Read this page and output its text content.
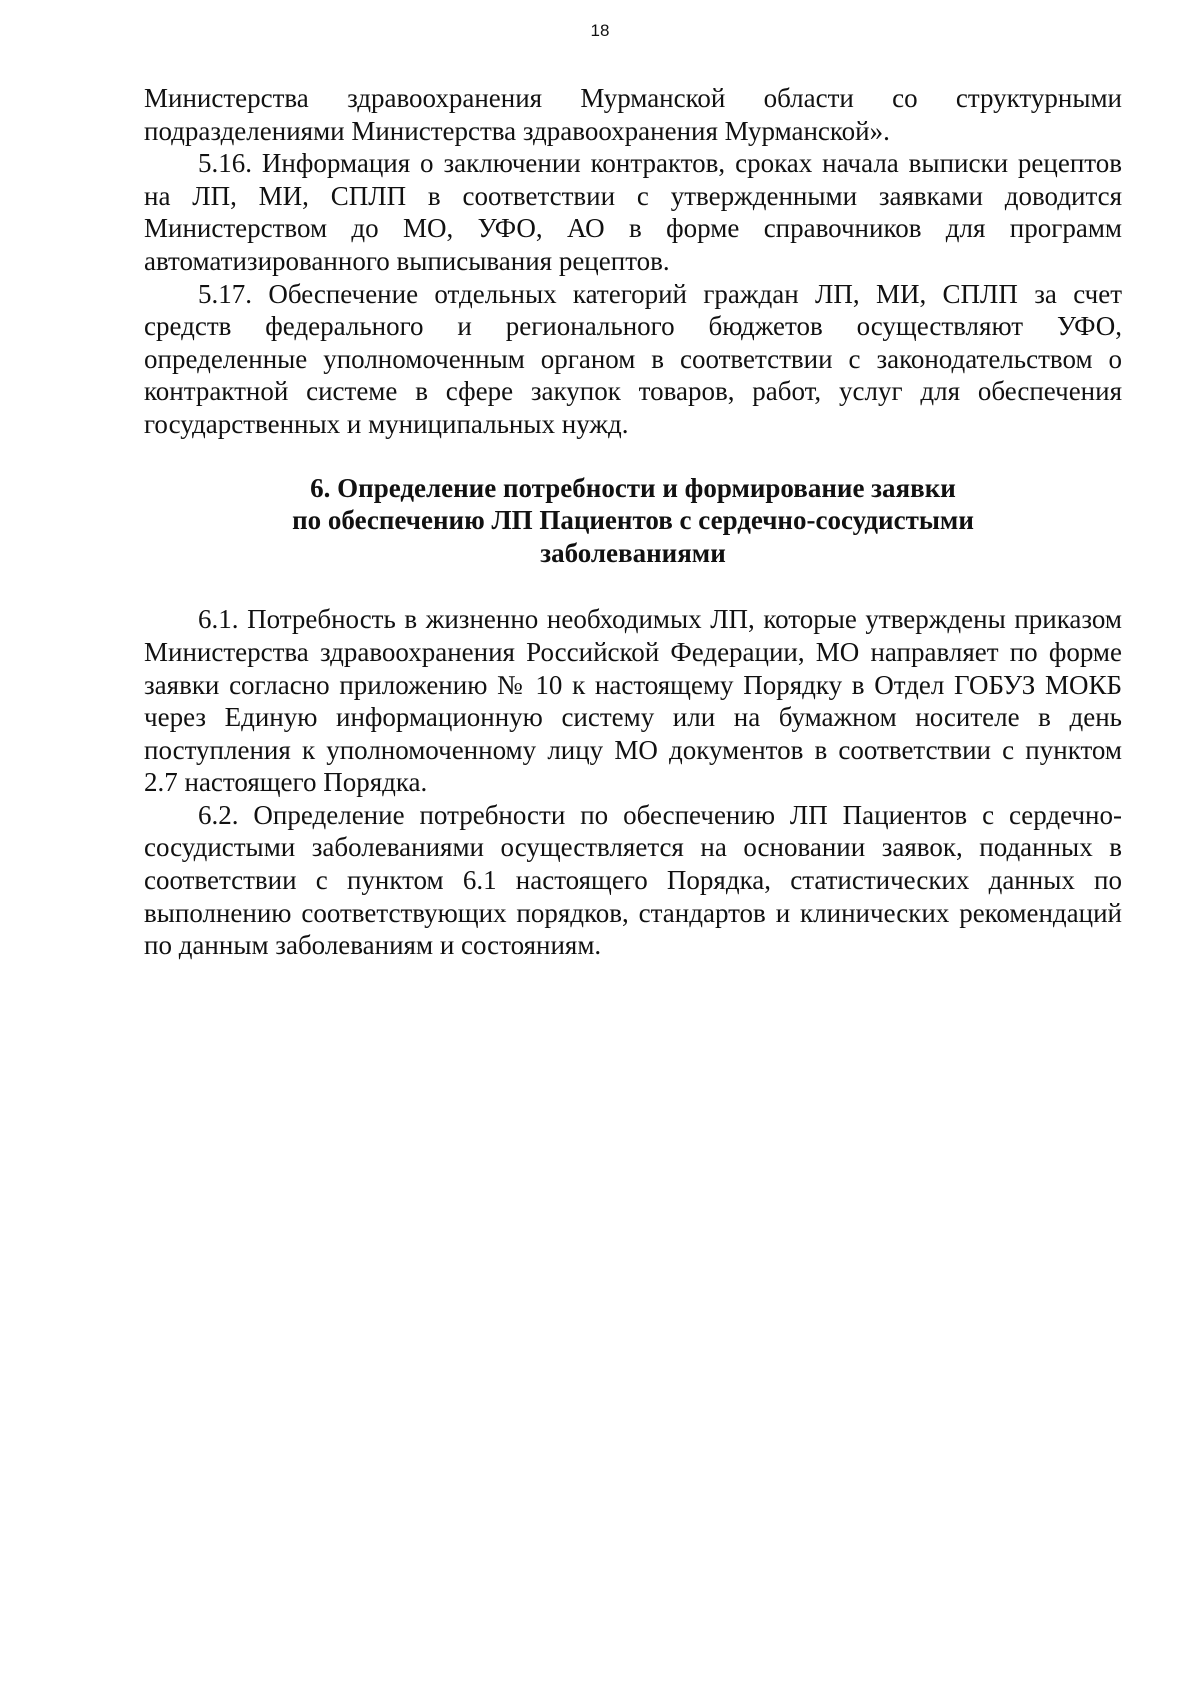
18

Министерства здравоохранения Мурманской области со структурными подразделениями Министерства здравоохранения Мурманской».

5.16. Информация о заключении контрактов, сроках начала выписки рецептов на ЛП, МИ, СПЛП в соответствии с утвержденными заявками доводится Министерством до МО, УФО, АО в форме справочников для программ автоматизированного выписывания рецептов.

5.17. Обеспечение отдельных категорий граждан ЛП, МИ, СПЛП за счет средств федерального и регионального бюджетов осуществляют УФО, определенные уполномоченным органом в соответствии с законодательством о контрактной системе в сфере закупок товаров, работ, услуг для обеспечения государственных и муниципальных нужд.

6. Определение потребности и формирование заявки
по обеспечению ЛП Пациентов с сердечно-сосудистыми
заболеваниями

6.1. Потребность в жизненно необходимых ЛП, которые утверждены приказом Министерства здравоохранения Российской Федерации, МО направляет по форме заявки согласно приложению № 10 к настоящему Порядку в Отдел ГОБУЗ МОКБ через Единую информационную систему или на бумажном носителе в день поступления к уполномоченному лицу МО документов в соответствии с пунктом 2.7 настоящего Порядка.

6.2. Определение потребности по обеспечению ЛП Пациентов с сердечно-сосудистыми заболеваниями осуществляется на основании заявок, поданных в соответствии с пунктом 6.1 настоящего Порядка, статистических данных по выполнению соответствующих порядков, стандартов и клинических рекомендаций по данным заболеваниям и состояниям.
